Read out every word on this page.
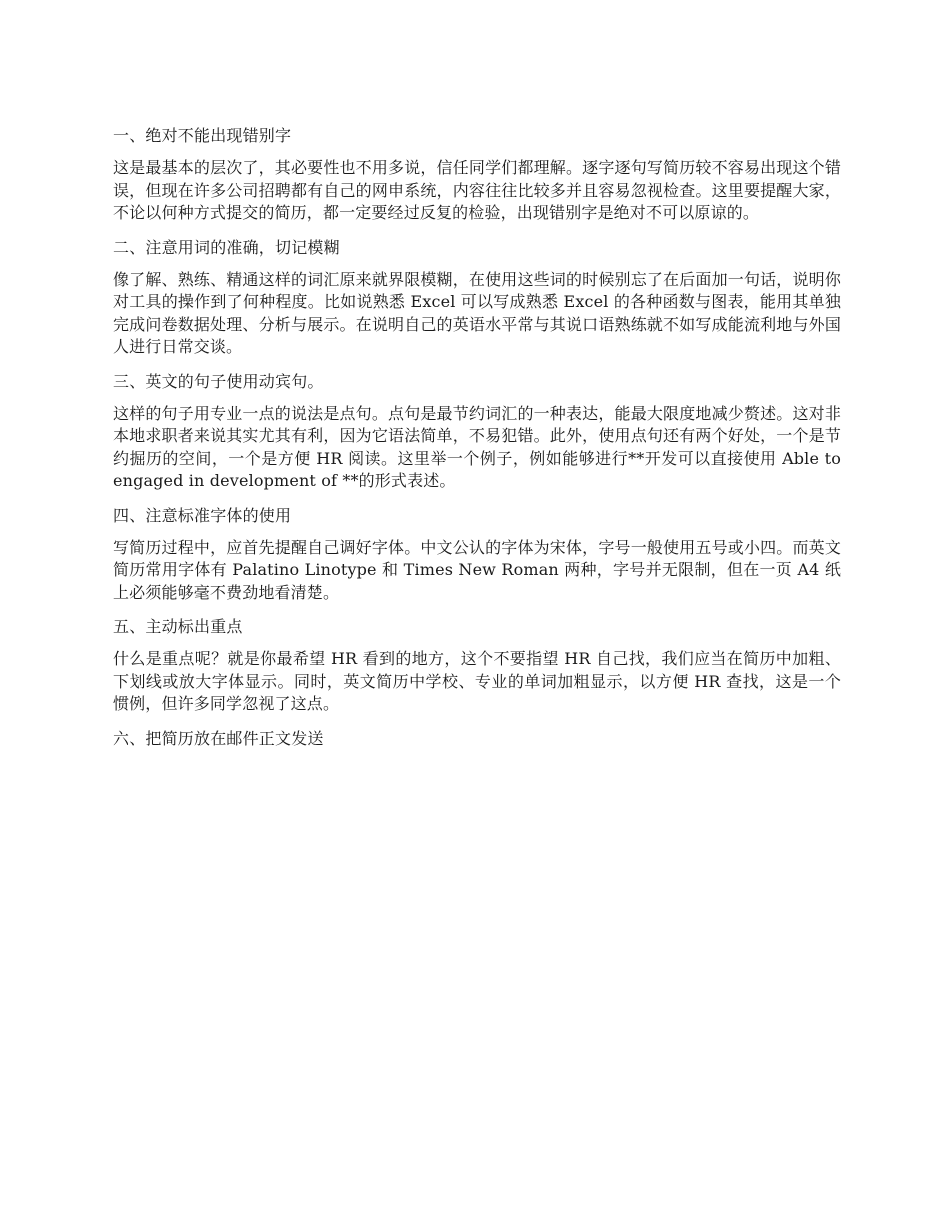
一、绝对不能出现错别字
这是最基本的层次了，其必要性也不用多说，信任同学们都理解。逐字逐句写简历较不容易出现这个错误，但现在许多公司招聘都有自己的网申系统，内容往往比较多并且容易忽视检查。这里要提醒大家，不论以何种方式提交的简历，都一定要经过反复的检验，出现错别字是绝对不可以原谅的。
二、注意用词的准确，切记模糊
像了解、熟练、精通这样的词汇原来就界限模糊，在使用这些词的时候别忘了在后面加一句话，说明你对工具的操作到了何种程度。比如说熟悉 Excel 可以写成熟悉 Excel 的各种函数与图表，能用其单独完成问卷数据处理、分析与展示。在说明自己的英语水平常与其说口语熟练就不如写成能流利地与外国人进行日常交谈。
三、英文的句子使用动宾句。
这样的句子用专业一点的说法是点句。点句是最节约词汇的一种表达，能最大限度地减少赘述。这对非本地求职者来说其实尤其有利，因为它语法简单，不易犯错。此外，使用点句还有两个好处，一个是节约掘历的空间，一个是方便 HR 阅读。这里举一个例子，例如能够进行**开发可以直接使用 Able to engaged in development of **的形式表述。
四、注意标准字体的使用
写简历过程中，应首先提醒自己调好字体。中文公认的字体为宋体，字号一般使用五号或小四。而英文简历常用字体有 Palatino Linotype 和 Times New Roman 两种，字号并无限制，但在一页 A4 纸上必须能够毫不费劲地看清楚。
五、主动标出重点
什么是重点呢？就是你最希望 HR 看到的地方，这个不要指望 HR 自己找，我们应当在简历中加粗、下划线或放大字体显示。同时，英文简历中学校、专业的单词加粗显示，以方便 HR 查找，这是一个惯例，但许多同学忽视了这点。
六、把简历放在邮件正文发送
